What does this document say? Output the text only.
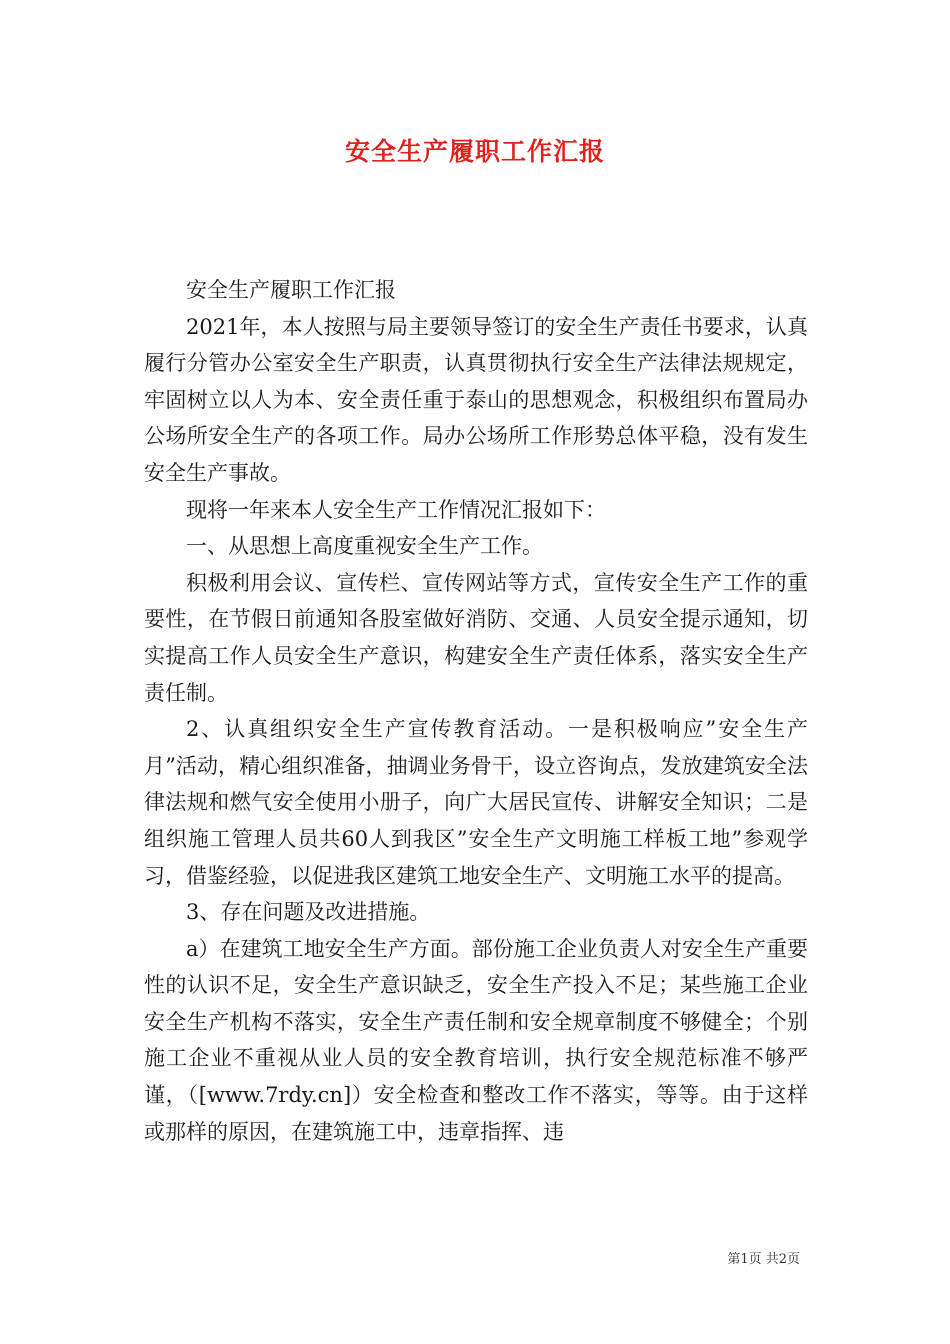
安全生产履职工作汇报

安全生产履职工作汇报

2021年，本人按照与局主要领导签订的安全生产责任书要求，认真履行分管办公室安全生产职责，认真贯彻执行安全生产法律法规规定，牢固树立以人为本、安全责任重于泰山的思想观念，积极组织布置局办公场所安全生产的各项工作。局办公场所工作形势总体平稳，没有发生安全生产事故。

现将一年来本人安全生产工作情况汇报如下：

一、从思想上高度重视安全生产工作。

积极利用会议、宣传栏、宣传网站等方式，宣传安全生产工作的重要性，在节假日前通知各股室做好消防、交通、人员安全提示通知，切实提高工作人员安全生产意识，构建安全生产责任体系，落实安全生产责任制。

2、认真组织安全生产宣传教育活动。一是积极响应”安全生产月”活动，精心组织准备，抽调业务骨干，设立咨询点，发放建筑安全法律法规和燃气安全使用小册子，向广大居民宣传、讲解安全知识；二是组织施工管理人员共60人到我区”安全生产文明施工样板工地”参观学习，借鉴经验，以促进我区建筑工地安全生产、文明施工水平的提高。

3、存在问题及改进措施。

a）在建筑工地安全生产方面。部份施工企业负责人对安全生产重要性的认识不足，安全生产意识缺乏，安全生产投入不足；某些施工企业安全生产机构不落实，安全生产责任制和安全规章制度不够健全；个别施工企业不重视从业人员的安全教育培训，执行安全规范标准不够严谨，（[www.7rdy.cn]）安全检查和整改工作不落实，等等。由于这样或那样的原因，在建筑施工中，违章指挥、违

第1页 共2页
